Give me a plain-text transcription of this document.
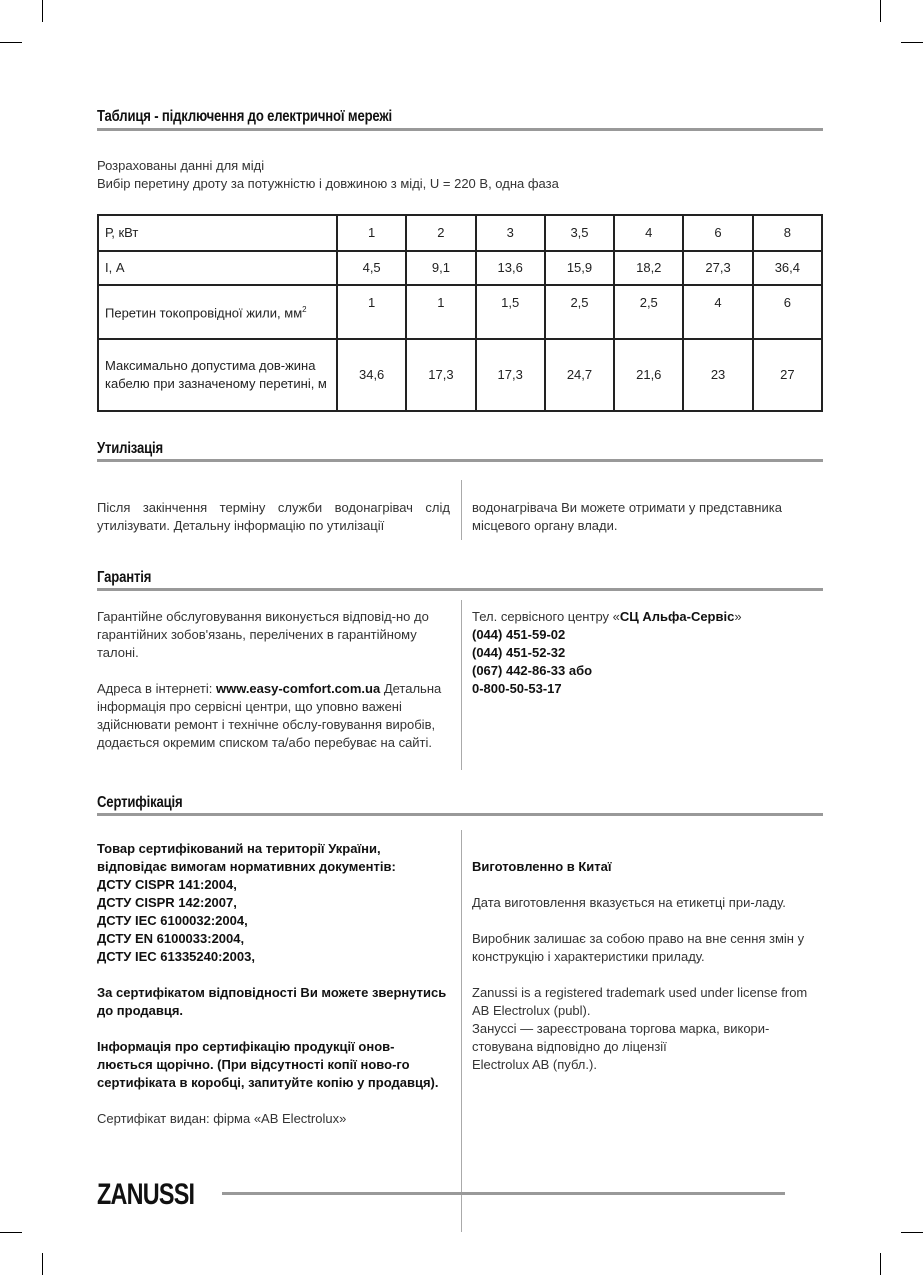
Таблиця - підключення до електричної мережі
Розрахованы данні для міді
Вибір перетину дроту за потужністю і довжиною з міді, U = 220 В, одна фаза
Р, кВт	1	2	3	3,5	4	6	8
І, А	4,5	9,1	13,6	15,9	18,2	27,3	36,4
Перетин токопровідної жили, $мм^2$	1	1	1,5	2,5	2,5	4	6
Максимально допустима дов-жина кабелю при зазначеному перетині, м	34,6	17,3	17,3	24,7	21,6	23	27
Утилізація
Після закінчення терміну служби водонагрівач слід утилізувати. Детальну інформацію по утилізації
водонагрівача Ви можете отримати у представника місцевого органу влади.
Гарантія

Гарантійне обслуговування виконується відповід-но до гарантійних зобов'язань, перелічених в гарантійному талоні.

Адреса в інтернеті: www.easy-comfort.com.ua Детальна інформація про сервісні центри, що уповно важені здійснювати ремонт і технічне обслу-говування виробів, додається окремим списком та/або перебуває на сайті.

Тел. сервісного центру «СЦ Альфа-Сервіс»
(044) 451-59-02
(044) 451-52-32
(067) 442-86-33 або
0-800-50-53-17
Сертифікація

Товар сертифікований на території України, відповідає вимогам нормативних документів:
ДСТУ CISPR 141:2004,
ДСТУ CISPR 142:2007,
ДСТУ IEC 6100032:2004,
ДСТУ EN 6100033:2004,
ДСТУ IEC 61335240:2003,

За сертифікатом відповідності Ви можете звернутись до продавця.

Інформація про сертифікацію продукції онов-люється щорічно. (При відсутності копії ново-го сертифіката в коробці, запитуйте копію у продавця).

Сертифікат видан: фірма «AB Electrolux»

Виготовленно в Китаї

Дата виготовлення вказується на етикетці при-ладу.

Виробник залишає за собою право на вне сення змін у конструкцію і характеристики приладу.

Zanussi is a registered trademark used under license from AB Electrolux (publ).
Зануссі — зареєстрована торгова марка, викори-стовувана відповідно до ліцензії
Electrolux AB (публ.).
ZANUSSI
